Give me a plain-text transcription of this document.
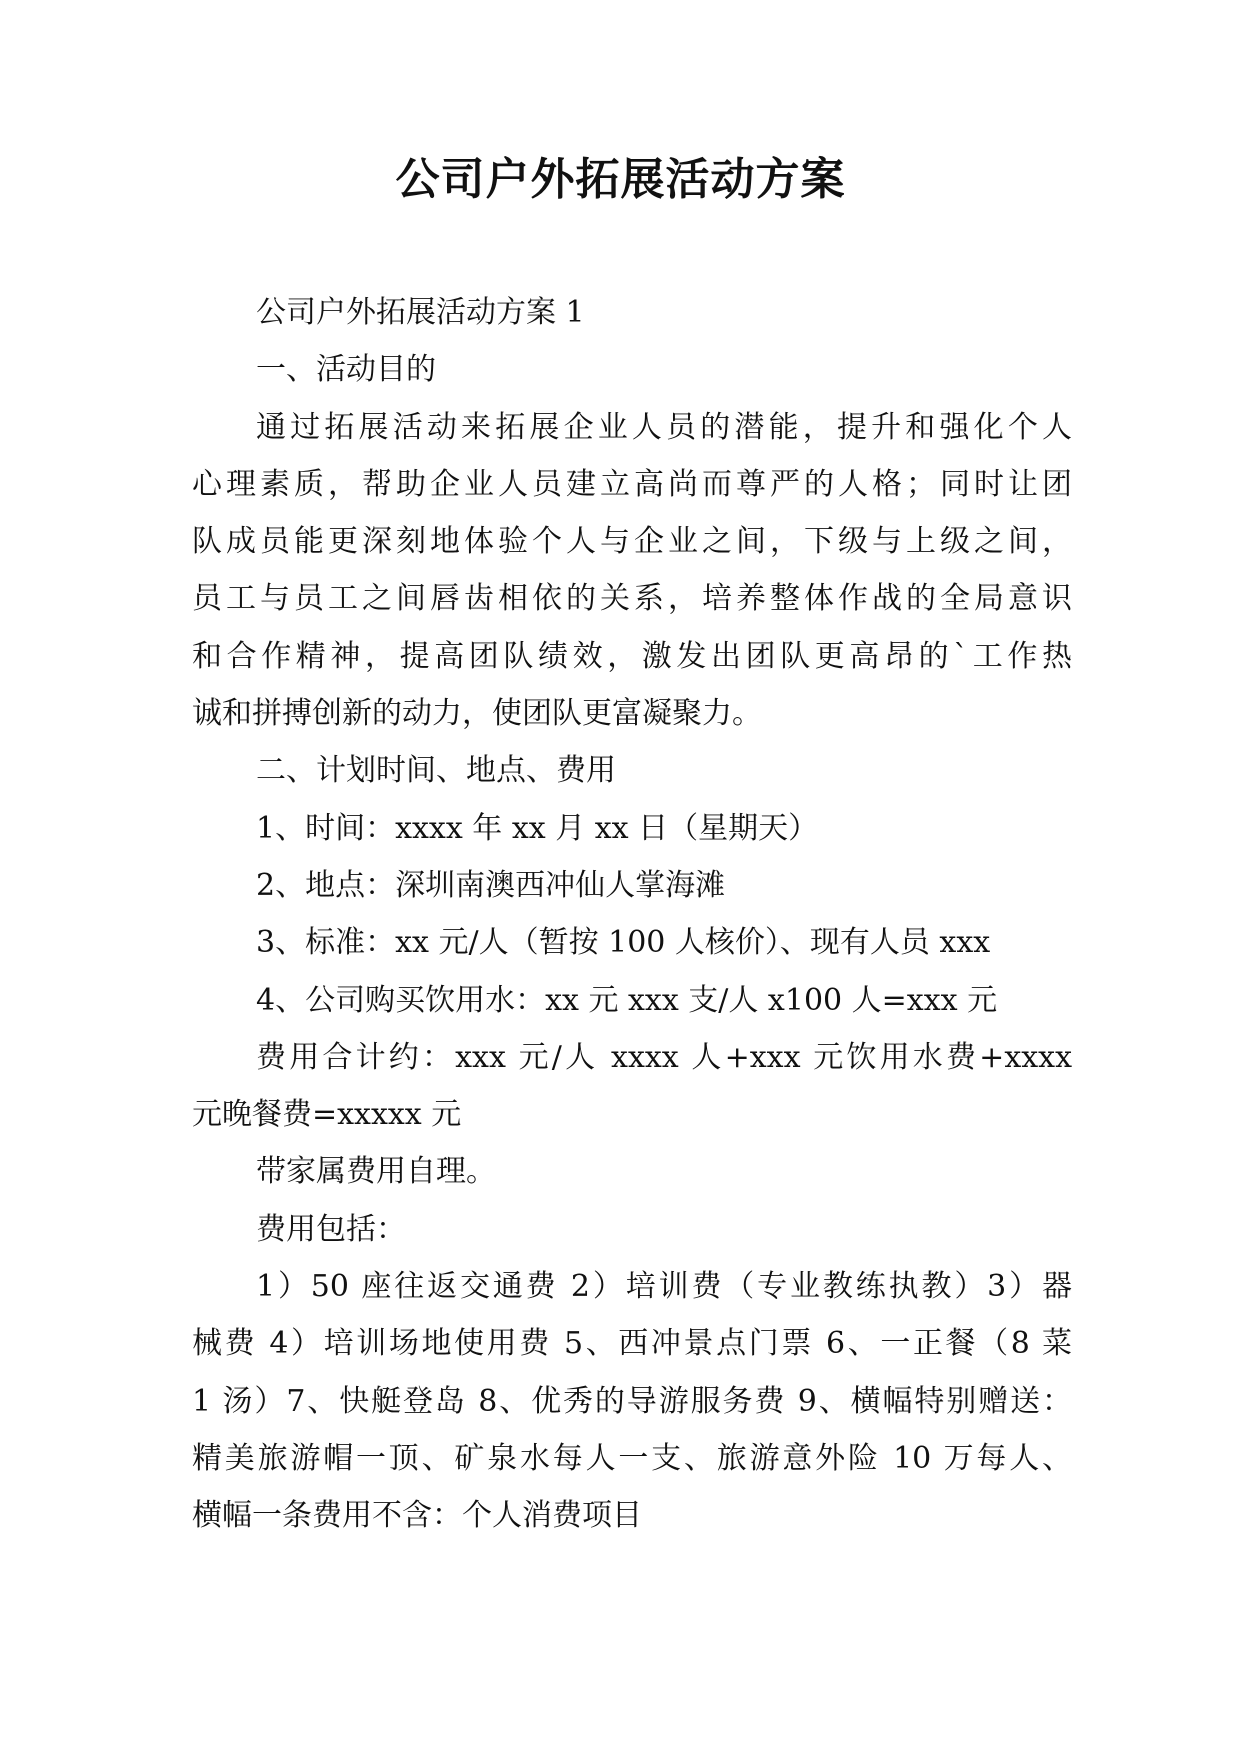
公司户外拓展活动方案

公司户外拓展活动方案 1

一、活动目的

通过拓展活动来拓展企业人员的潜能，提升和强化个人

心理素质，帮助企业人员建立高尚而尊严的人格；同时让团

队成员能更深刻地体验个人与企业之间，下级与上级之间，

员工与员工之间唇齿相依的关系，培养整体作战的全局意识

和合作精神，提高团队绩效，激发出团队更高昂的`工作热

诚和拼搏创新的动力，使团队更富凝聚力。

二、计划时间、地点、费用

1、时间：xxxx 年 xx 月 xx 日（星期天）

2、地点：深圳南澳西冲仙人掌海滩

3、标准：xx 元/人（暂按 100 人核价）、现有人员 xxx

4、公司购买饮用水：xx 元 xxx 支/人 x100 人=xxx 元

费用合计约：xxx 元/人 xxxx 人+xxx 元饮用水费+xxxx

元晚餐费=xxxxx 元

带家属费用自理。

费用包括：

1）50 座往返交通费 2）培训费（专业教练执教）3）器

械费 4）培训场地使用费 5、西冲景点门票 6、一正餐（8 菜

1 汤）7、快艇登岛 8、优秀的导游服务费 9、横幅特别赠送：

精美旅游帽一顶、矿泉水每人一支、旅游意外险 10 万每人、

横幅一条费用不含：个人消费项目
